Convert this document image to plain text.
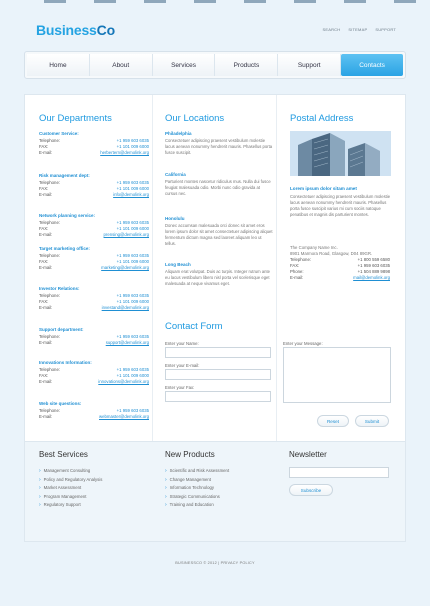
BusinessCo	SEARCH SITEMAP SUPPORT
Home	About	Services	Products	Support	Contacts
Our Departments
Customer Service:
Telephone:	+1 959 603 6035
FAX:	+1 101 009 6000
E-mail:	herbertern@demolink.org
Risk management dept:
Telephone:	+1 959 603 6035
FAX:	+1 101 009 6000
E-mail:	info@demolink.org
Network planning service:
Telephone:	+1 959 603 6035
FAX:	+1 101 009 6000
E-mail:	prensing@demolink.org
Target marketing office:
Telephone:	+1 959 603 6035
FAX:	+1 101 009 6000
E-mail:	marketing@demolink.org
Investor Relations:
Telephone:	+1 959 603 6035
FAX:	+1 101 009 6000
E-mail:	investand@demolink.org
Support department:
Telephone:	+1 959 603 6035
E-mail:	support@demolink.org
Innovations Information:
Telephone:	+1 959 603 6035
FAX:	+1 101 009 6000
E-mail:	innovations@demolink.org
Web site questions:
Telephone:	+1 959 603 6035
E-mail:	webmaster@demolink.org
Our Locations
Philadelphia

Consectetuer adipiscing praesent vestibulum molestie lacus aenean nonummy hendrerit mauris. Phasellus porta fusce suscipit.

California

Parturient montes nascetur ridiculus mus. Nulla dui fusce feugiat malesuada odio. Morbi nunc odio gravida at cursus nec.

Honolulu

Donec accumsan malesuada orci donec sit amet eros lorem ipsum dolor sit amet consectetuer adipiscing aliquet fermentum dictum magna sed laoreet aliquam leo ut tellus.

Long Beach

Aliquam erat volutpat. Duis ac turpis. Integer rutrum ante eu lacus vestibulum libero nisl porta vel scelerisque eget malesuada at neque vivamus eget.

Postal Address
Lorem ipsum dolor sitam amet
Consectetuer adipiscing praesent vestibulum molestie lacus aenean nonummy hendrerit mauris. Phasellus porta fusce suscipit varius mi cum sociis natoque penatibus et magnis dis parturient montes.
The Company Name Inc.
8901 Marmora Road, Glasgow, D04 89GR.
Telephone:	+1 800 559 6580
FAX:	+1 959 603 6035
Phone:	+1 504 889 9898
E-mail:	mail@demolink.org
Contact Form
Enter your Name:
Enter your E-mail:
Enter your Fax:
Enter your Message:
Reset	Submit
Best Services
› Management Consulting
› Policy and Regulatory Analysis
› Market Assessment
› Program Management
› Regulatory Support
New Products
› Scientific and Risk Assessment
› Change Management
› Information Technology
› Strategic Communications
› Training and Education
Newsletter
Subscribe
BUSINESSCO © 2012 | PRIVACY POLICY
